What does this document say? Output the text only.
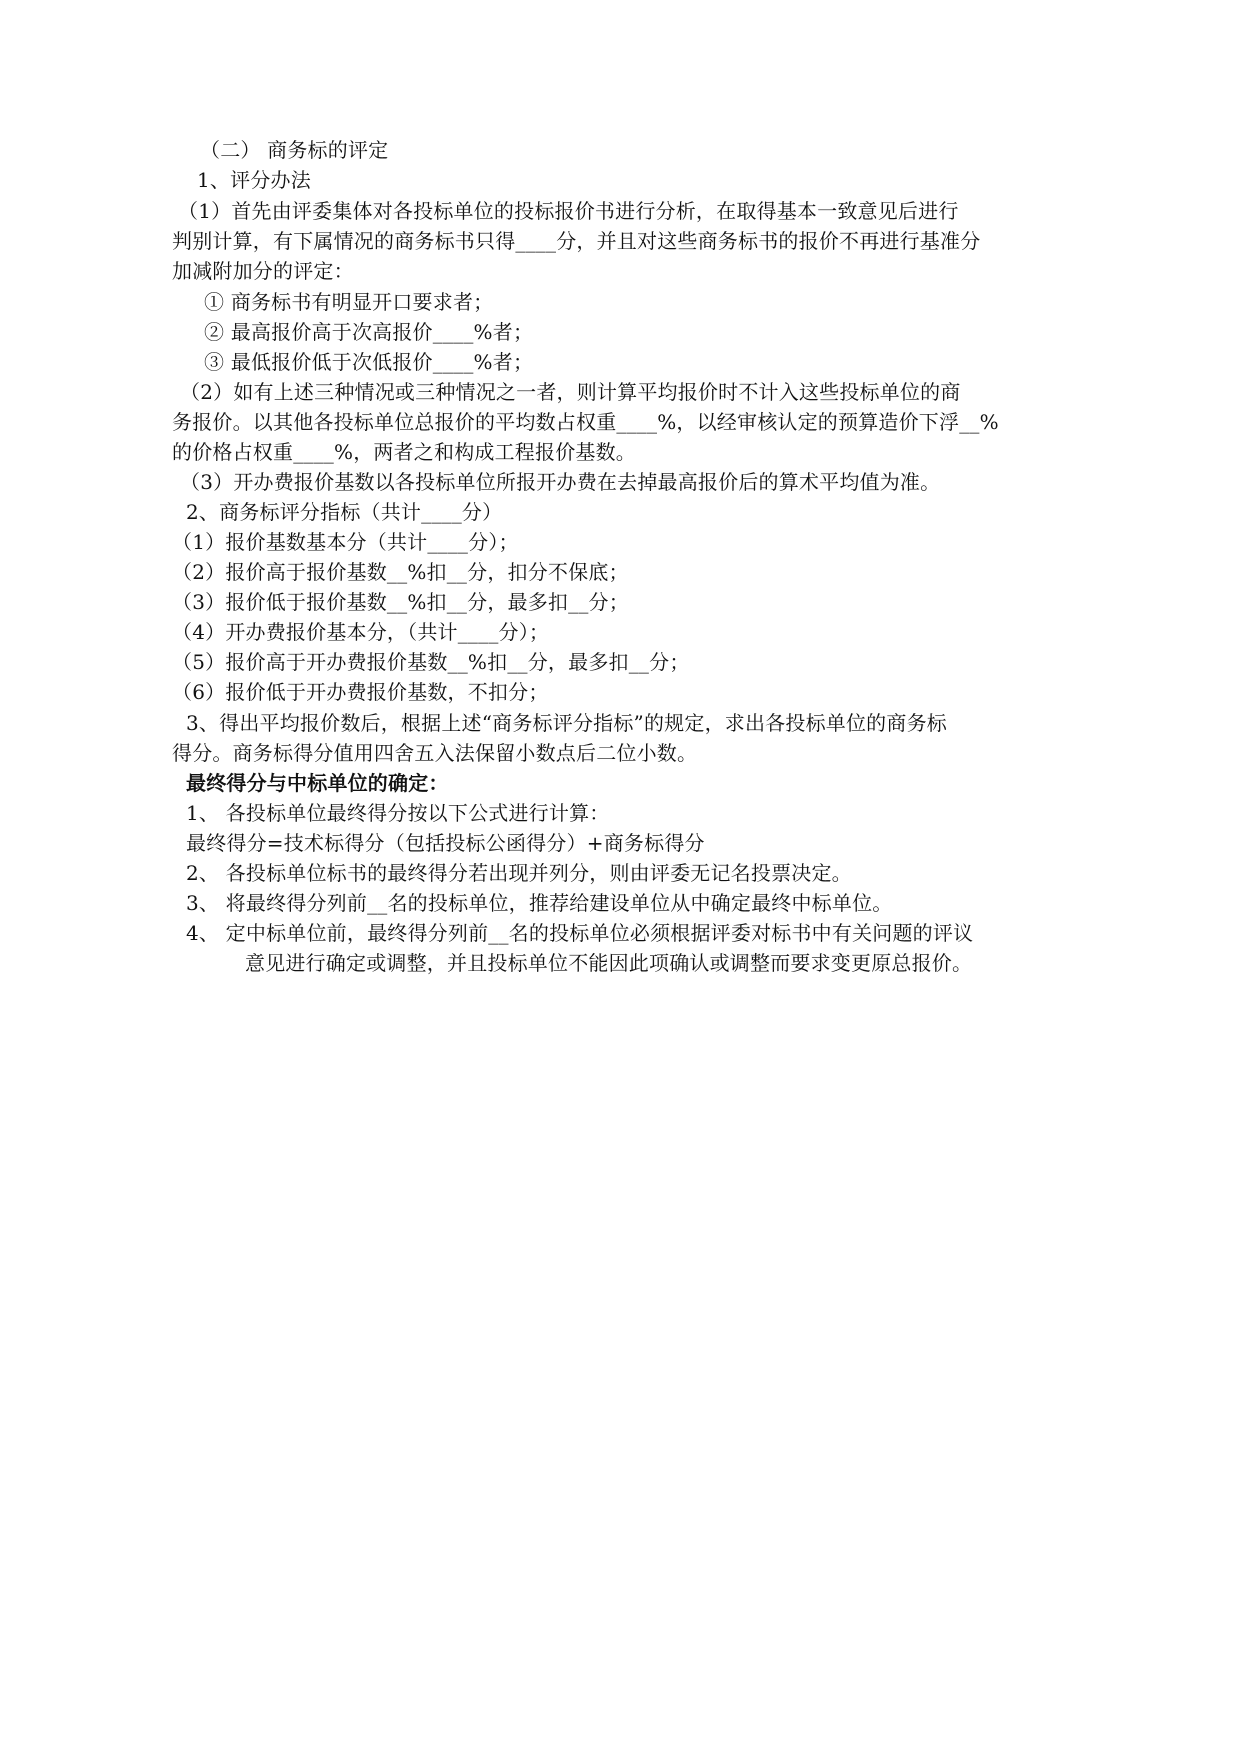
（二） 商务标的评定

1、评分办法

（1）首先由评委集体对各投标单位的投标报价书进行分析，在取得基本一致意见后进行

判别计算，有下属情况的商务标书只得____分，并且对这些商务标书的报价不再进行基准分

加减附加分的评定：

① 商务标书有明显开口要求者；

② 最高报价高于次高报价____%者；

③ 最低报价低于次低报价____%者；

（2）如有上述三种情况或三种情况之一者，则计算平均报价时不计入这些投标单位的商

务报价。以其他各投标单位总报价的平均数占权重____%，以经审核认定的预算造价下浮__%

的价格占权重____%，两者之和构成工程报价基数。

（3）开办费报价基数以各投标单位所报开办费在去掉最高报价后的算术平均值为准。

2、商务标评分指标（共计____分）

（1）报价基数基本分（共计____分）；

（2）报价高于报价基数__%扣__分，扣分不保底；

（3）报价低于报价基数__%扣__分，最多扣__分；

（4）开办费报价基本分，（共计____分）；

（5）报价高于开办费报价基数__%扣__分，最多扣__分；

（6）报价低于开办费报价基数，不扣分；

3、得出平均报价数后，根据上述“商务标评分指标”的规定，求出各投标单位的商务标

得分。商务标得分值用四舍五入法保留小数点后二位小数。

最终得分与中标单位的确定：

1、 各投标单位最终得分按以下公式进行计算：

最终得分=技术标得分（包括投标公函得分）+商务标得分

2、 各投标单位标书的最终得分若出现并列分，则由评委无记名投票决定。

3、 将最终得分列前__名的投标单位，推荐给建设单位从中确定最终中标单位。

4、 定中标单位前，最终得分列前__名的投标单位必须根据评委对标书中有关问题的评议

意见进行确定或调整，并且投标单位不能因此项确认或调整而要求变更原总报价。
